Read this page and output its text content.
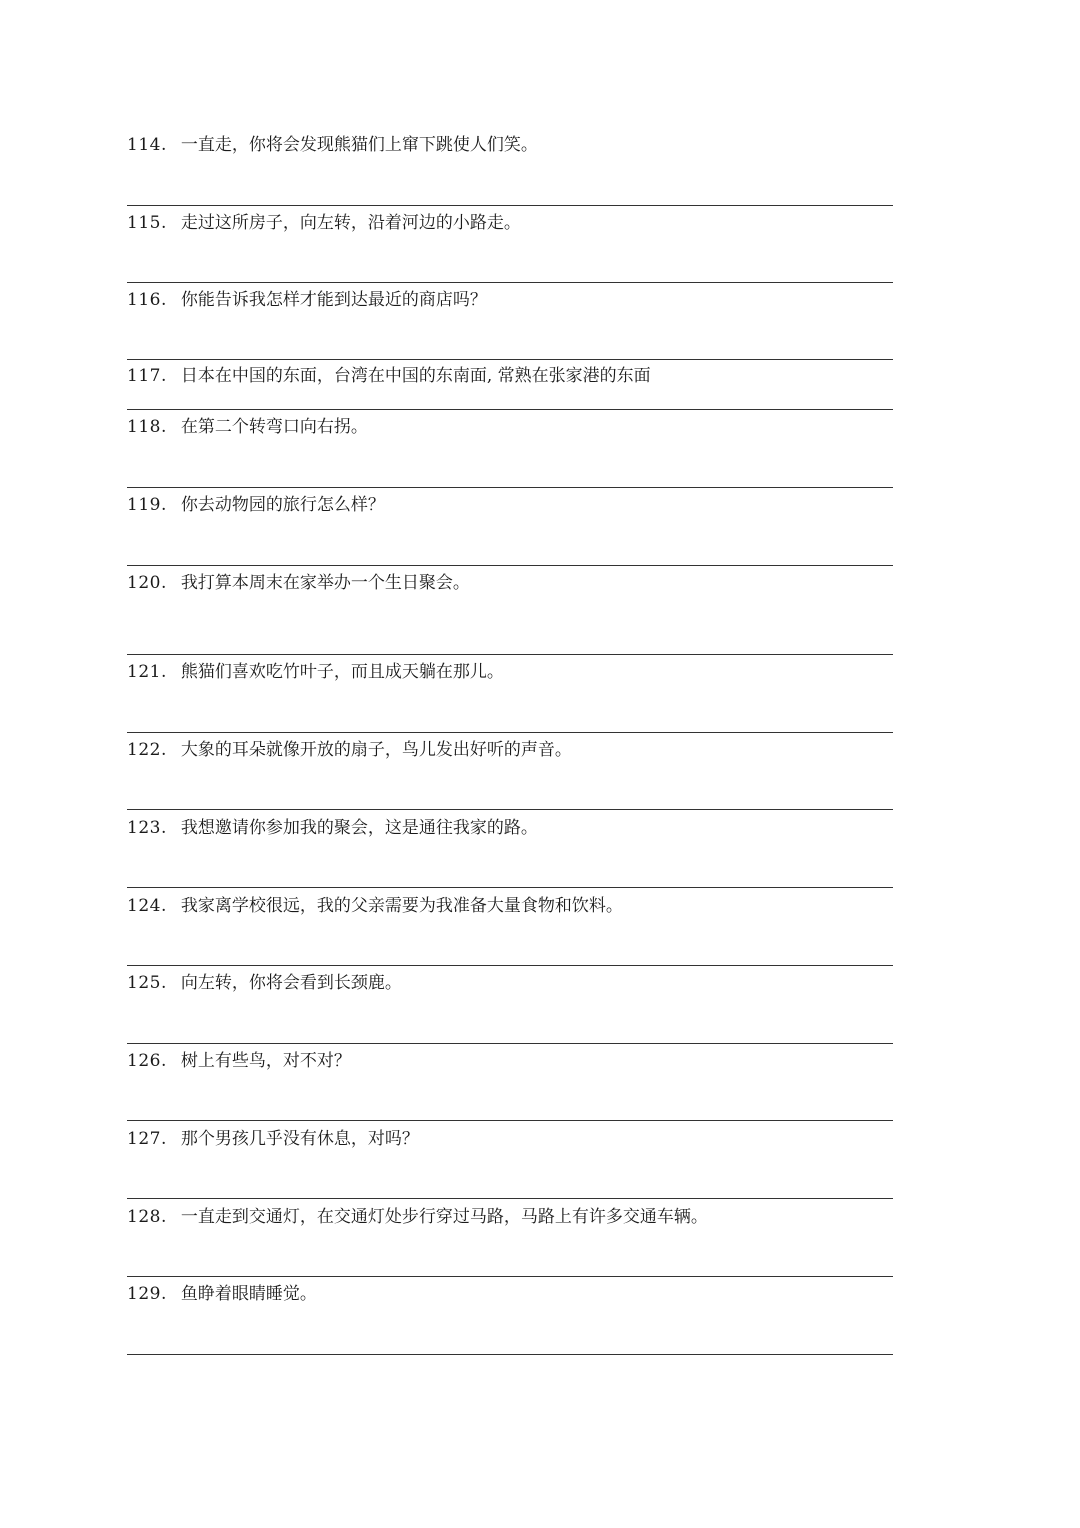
114. 一直走，你将会发现熊猫们上窜下跳使人们笑。
115. 走过这所房子，向左转，沿着河边的小路走。
116. 你能告诉我怎样才能到达最近的商店吗？
117. 日本在中国的东面，台湾在中国的东南面, 常熟在张家港的东面
118. 在第二个转弯口向右拐。
119. 你去动物园的旅行怎么样？
120. 我打算本周末在家举办一个生日聚会。
121. 熊猫们喜欢吃竹叶子，而且成天躺在那儿。
122. 大象的耳朵就像开放的扇子，鸟儿发出好听的声音。
123. 我想邀请你参加我的聚会，这是通往我家的路。
124. 我家离学校很远，我的父亲需要为我准备大量食物和饮料。
125. 向左转，你将会看到长颈鹿。
126. 树上有些鸟，对不对？
127. 那个男孩几乎没有休息，对吗？
128. 一直走到交通灯，在交通灯处步行穿过马路，马路上有许多交通车辆。
129. 鱼睁着眼睛睡觉。
